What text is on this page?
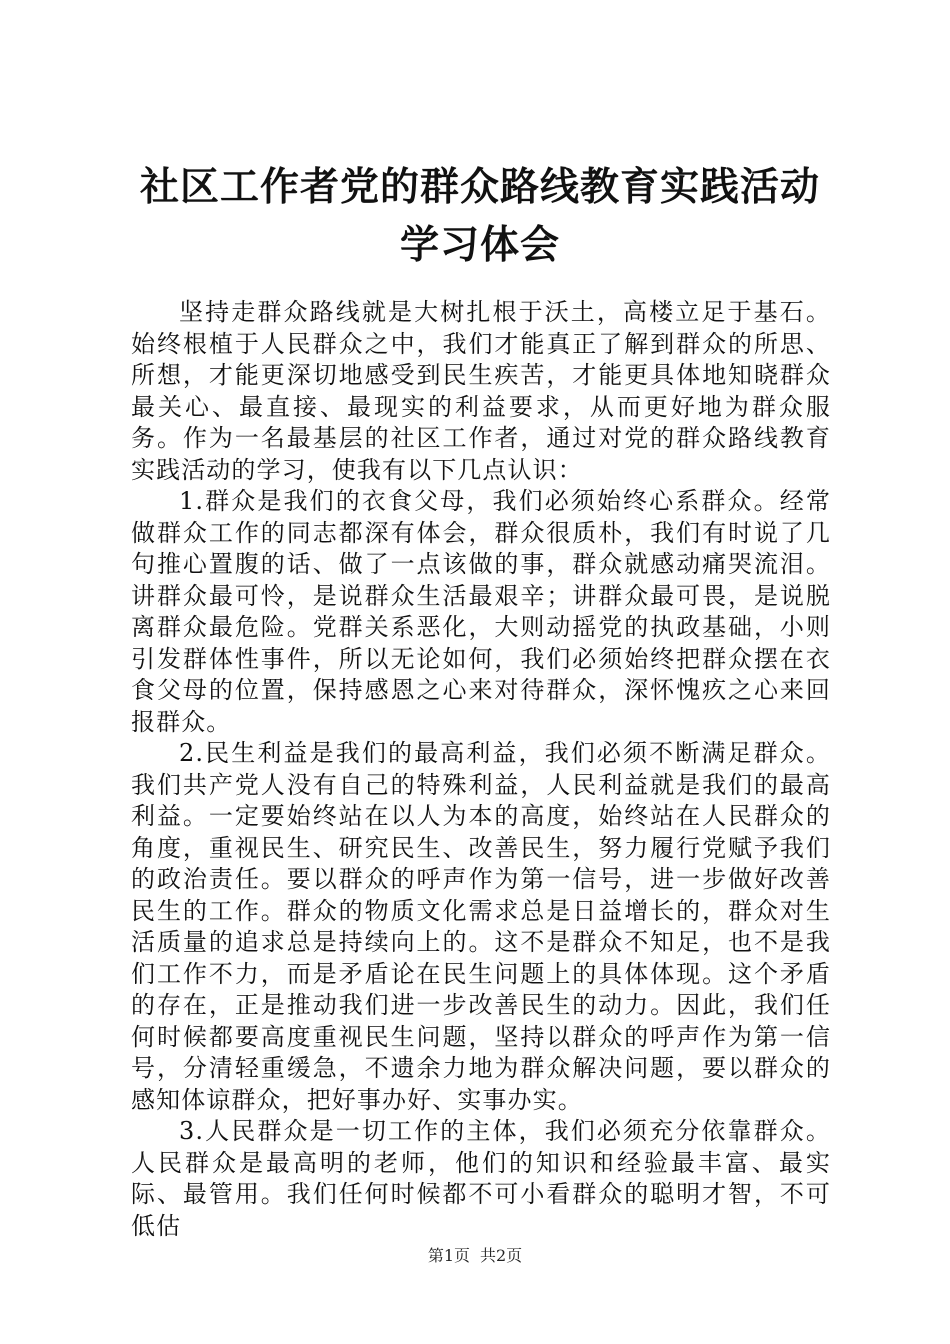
社区工作者党的群众路线教育实践活动学习体会

坚持走群众路线就是大树扎根于沃土，高楼立足于基石。始终根植于人民群众之中，我们才能真正了解到群众的所思、所想，才能更深切地感受到民生疾苦，才能更具体地知晓群众最关心、最直接、最现实的利益要求，从而更好地为群众服务。作为一名最基层的社区工作者，通过对党的群众路线教育实践活动的学习，使我有以下几点认识：

1.群众是我们的衣食父母，我们必须始终心系群众。经常做群众工作的同志都深有体会，群众很质朴，我们有时说了几句推心置腹的话、做了一点该做的事，群众就感动痛哭流泪。讲群众最可怜，是说群众生活最艰辛；讲群众最可畏，是说脱离群众最危险。党群关系恶化，大则动摇党的执政基础，小则引发群体性事件，所以无论如何，我们必须始终把群众摆在衣食父母的位置，保持感恩之心来对待群众，深怀愧疚之心来回报群众。

2.民生利益是我们的最高利益，我们必须不断满足群众。我们共产党人没有自己的特殊利益，人民利益就是我们的最高利益。一定要始终站在以人为本的高度，始终站在人民群众的角度，重视民生、研究民生、改善民生，努力履行党赋予我们的政治责任。要以群众的呼声作为第一信号，进一步做好改善民生的工作。群众的物质文化需求总是日益增长的，群众对生活质量的追求总是持续向上的。这不是群众不知足，也不是我们工作不力，而是矛盾论在民生问题上的具体体现。这个矛盾的存在，正是推动我们进一步改善民生的动力。因此，我们任何时候都要高度重视民生问题，坚持以群众的呼声作为第一信号，分清轻重缓急，不遗余力地为群众解决问题，要以群众的感知体谅群众，把好事办好、实事办实。

3.人民群众是一切工作的主体，我们必须充分依靠群众。人民群众是最高明的老师，他们的知识和经验最丰富、最实际、最管用。我们任何时候都不可小看群众的聪明才智，不可低估

第1页 共2页
